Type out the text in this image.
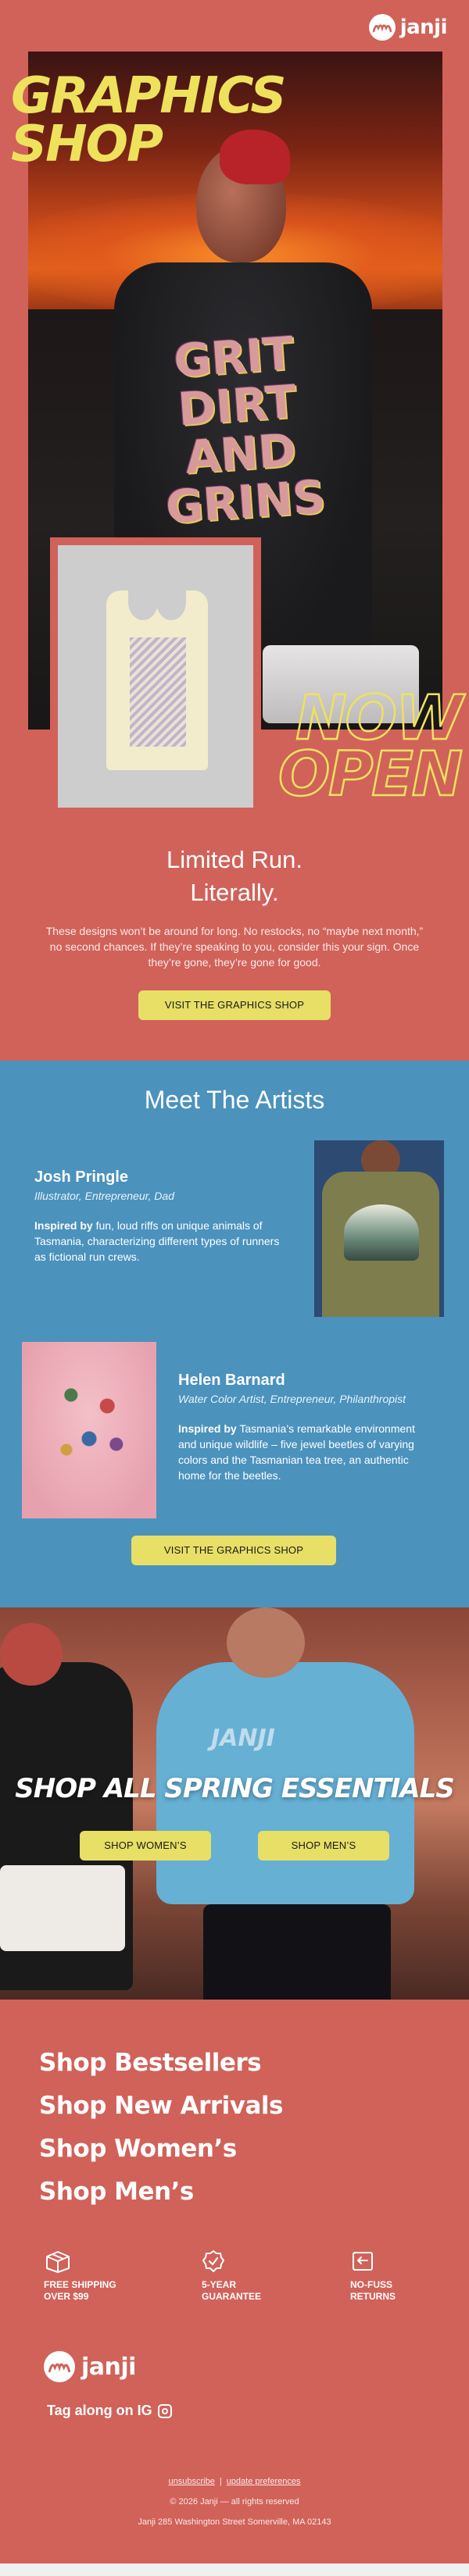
GRIT DIRT AND GRINS
janji
GRAPHICS
SHOP
NOW
OPEN
Limited Run.
Literally.

These designs won’t be around for long. No restocks, no “maybe next month,” no second chances. If they’re speaking to you, consider this your sign. Once they’re gone, they’re gone for good.

VISIT THE GRAPHICS SHOP
Meet The Artists
Josh Pringle
Illustrator, Entrepreneur, Dad
Inspired by fun, loud riffs on unique animals of Tasmania, characterizing different types of runners as fictional run crews.
Helen Barnard
Water Color Artist, Entrepreneur, Philanthropist
Inspired by Tasmania’s remarkable environment and unique wildlife – five jewel beetles of varying colors and the Tasmanian tea tree, an authentic home for the beetles.
VISIT THE GRAPHICS SHOP
JANJI
SHOP ALL SPRING ESSENTIALS
SHOP WOMEN’S	SHOP MEN’S
Shop Bestsellers
Shop New Arrivals
Shop Women’s
Shop Men’s
FREE SHIPPING
OVER $99
5-YEAR
GUARANTEE
NO-FUSS
RETURNS
janji
Tag along on IG
unsubscribe | update preferences
© 2026 Janji — all rights reserved
Janji 285 Washington Street Somerville, MA 02143
